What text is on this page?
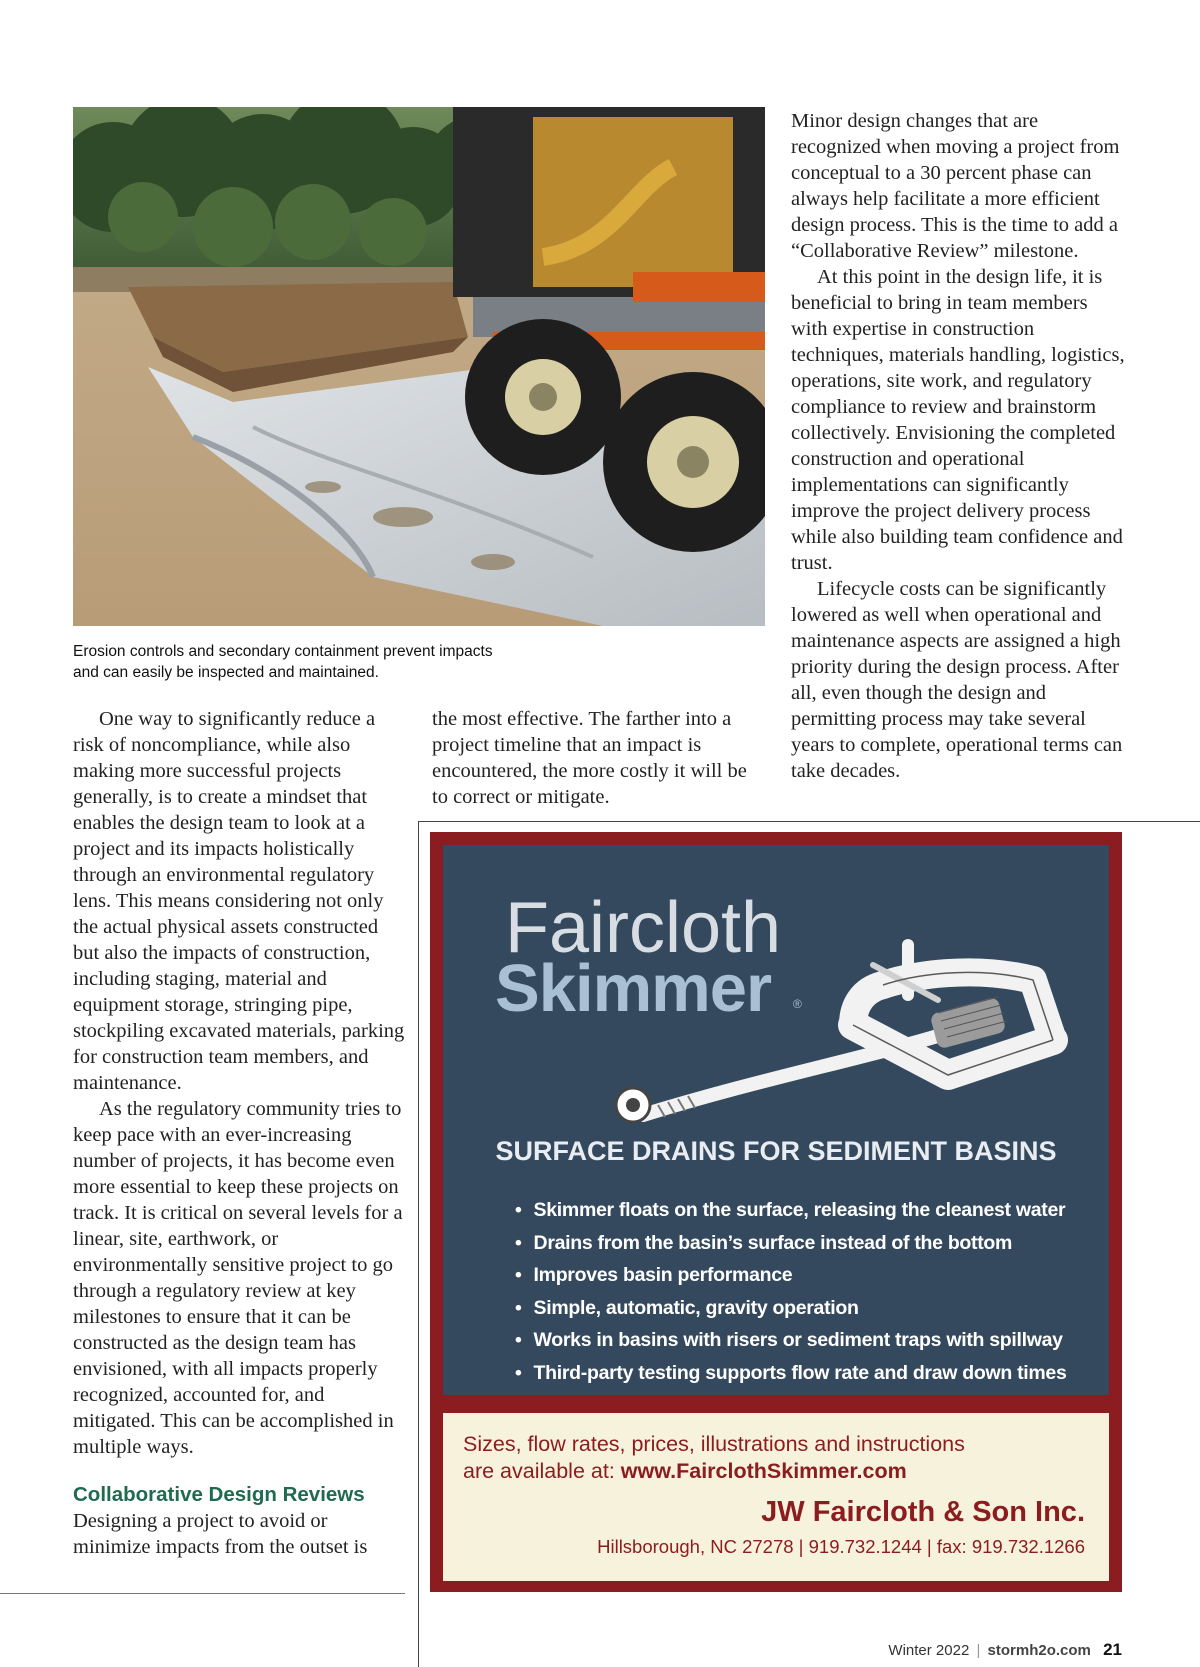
Erosion controls and secondary containment prevent impacts
and can easily be inspected and maintained.

One way to significantly reduce a risk of noncompliance, while also making more successful projects generally, is to create a mindset that enables the design team to look at a project and its impacts holistically through an environmental regulatory lens. This means considering not only the actual physical assets constructed but also the impacts of construction, including staging, material and equipment storage, stringing pipe, stockpiling excavated materials, parking for construction team members, and maintenance.

As the regulatory community tries to keep pace with an ever-increasing number of projects, it has become even more essential to keep these projects on track. It is critical on several levels for a linear, site, earthwork, or environmentally sensitive project to go through a regulatory review at key milestones to ensure that it can be constructed as the design team has envisioned, with all impacts properly recognized, accounted for, and mitigated. This can be accomplished in multiple ways.

Collaborative Design Reviews

Designing a project to avoid or minimize impacts from the outset is

the most effective. The farther into a project timeline that an impact is encountered, the more costly it will be to correct or mitigate.

Minor design changes that are recognized when moving a project from conceptual to a 30 percent phase can always help facilitate a more efficient design process. This is the time to add a “Collaborative Review” milestone.

At this point in the design life, it is beneficial to bring in team members with expertise in construction techniques, materials handling, logistics, operations, site work, and regulatory compliance to review and brainstorm collectively. Envisioning the completed construction and operational implementations can significantly improve the project delivery process while also building team confidence and trust.

Lifecycle costs can be significantly lowered as well when operational and maintenance aspects are assigned a high priority during the design process. After all, even though the design and permitting process may take several years to complete, operational terms can take decades.

Faircloth
Skimmer ®
SURFACE DRAINS FOR SEDIMENT BASINS
• Skimmer floats on the surface, releasing the cleanest water
• Drains from the basin’s surface instead of the bottom
• Improves basin performance
• Simple, automatic, gravity operation
• Works in basins with risers or sediment traps with spillway
• Third-party testing supports flow rate and draw down times
Sizes, flow rates, prices, illustrations and instructions
are available at: www.FairclothSkimmer.com
JW Faircloth & Son Inc.
Hillsborough, NC 27278 | 919.732.1244 | fax: 919.732.1266
Winter 2022 | stormh2o.com 21
